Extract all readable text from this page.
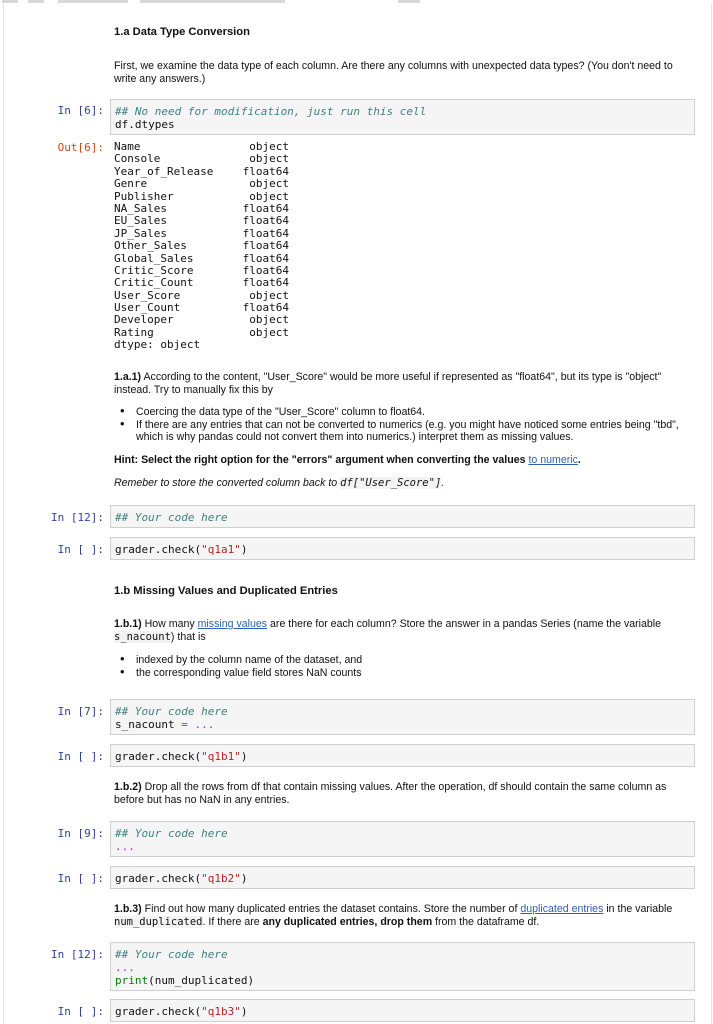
1.a Data Type Conversion
First, we examine the data type of each column. Are there any columns with unexpected data types? (You don't need to write any answers.)
In [6]:	## No need for modification, just run this cell
df.dtypes
Out[6]: Name	object
Console	object
Year_of_Release	float64
Genre	object
Publisher	object
NA_Sales	float64
EU_Sales	float64
JP_Sales	float64
Other_Sales	float64
Global_Sales	float64
Critic_Score	float64
Critic_Count	float64
User_Score	object
User_Count	float64
Developer	object
Rating	object
dtype: object
1.a.1) According to the content, "User_Score" would be more useful if represented as "float64", but its type is "object" instead. Try to manually fix this by
• Coercing the data type of the "User_Score" column to float64.
• If there are any entries that can not be converted to numerics (e.g. you might have noticed some entries being "tbd", which is why pandas could not convert them into numerics.) interpret them as missing values.
Hint: Select the right option for the "errors" argument when converting the values to numeric.
Remeber to store the converted column back to df["User_Score"].
In [12]:	## Your code here
In [ ]:	grader.check("q1a1")
1.b Missing Values and Duplicated Entries
1.b.1) How many missing values are there for each column? Store the answer in a pandas Series (name the variable s_nacount) that is
• indexed by the column name of the dataset, and
• the corresponding value field stores NaN counts
In [7]:	## Your code here
s_nacount = ...
In [ ]:	grader.check("q1b1")
1.b.2) Drop all the rows from df that contain missing values. After the operation, df should contain the same column as before but has no NaN in any entries.
In [9]:	## Your code here
...
In [ ]:	grader.check("q1b2")
1.b.3) Find out how many duplicated entries the dataset contains. Store the number of duplicated entries in the variable num_duplicated. If there are any duplicated entries, drop them from the dataframe df.
In [12]:	## Your code here
...
print(num_duplicated)
In [ ]:	grader.check("q1b3")
